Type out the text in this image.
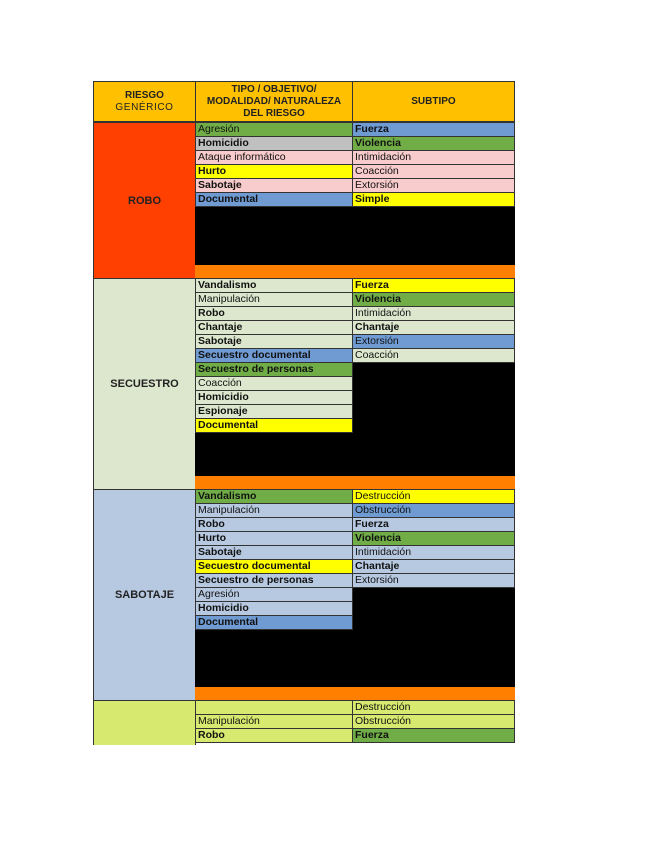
RIESGO
GENÉRICO
TIPO / OBJETIVO/
MODALIDAD/ NATURALEZA
DEL RIESGO
SUBTIPO
ROBO
Agresión
Homicidio
Ataque informático
Hurto
Sabotaje
Documental
Fuerza
Violencia
Intimidación
Coacción
Extorsión
Simple
SECUESTRO
Vandalismo
Manipulación
Robo
Chantaje
Sabotaje
Secuestro documental
Secuestro de personas
Coacción
Homicidio
Espionaje
Documental
Fuerza
Violencia
Intimidación
Chantaje
Extorsión
Coacción
SABOTAJE
Vandalismo
Manipulación
Robo
Hurto
Sabotaje
Secuestro documental
Secuestro de personas
Agresión
Homicidio
Documental
Destrucción
Obstrucción
Fuerza
Violencia
Intimidación
Chantaje
Extorsión
Manipulación
Robo
Destrucción
Obstrucción
Fuerza
